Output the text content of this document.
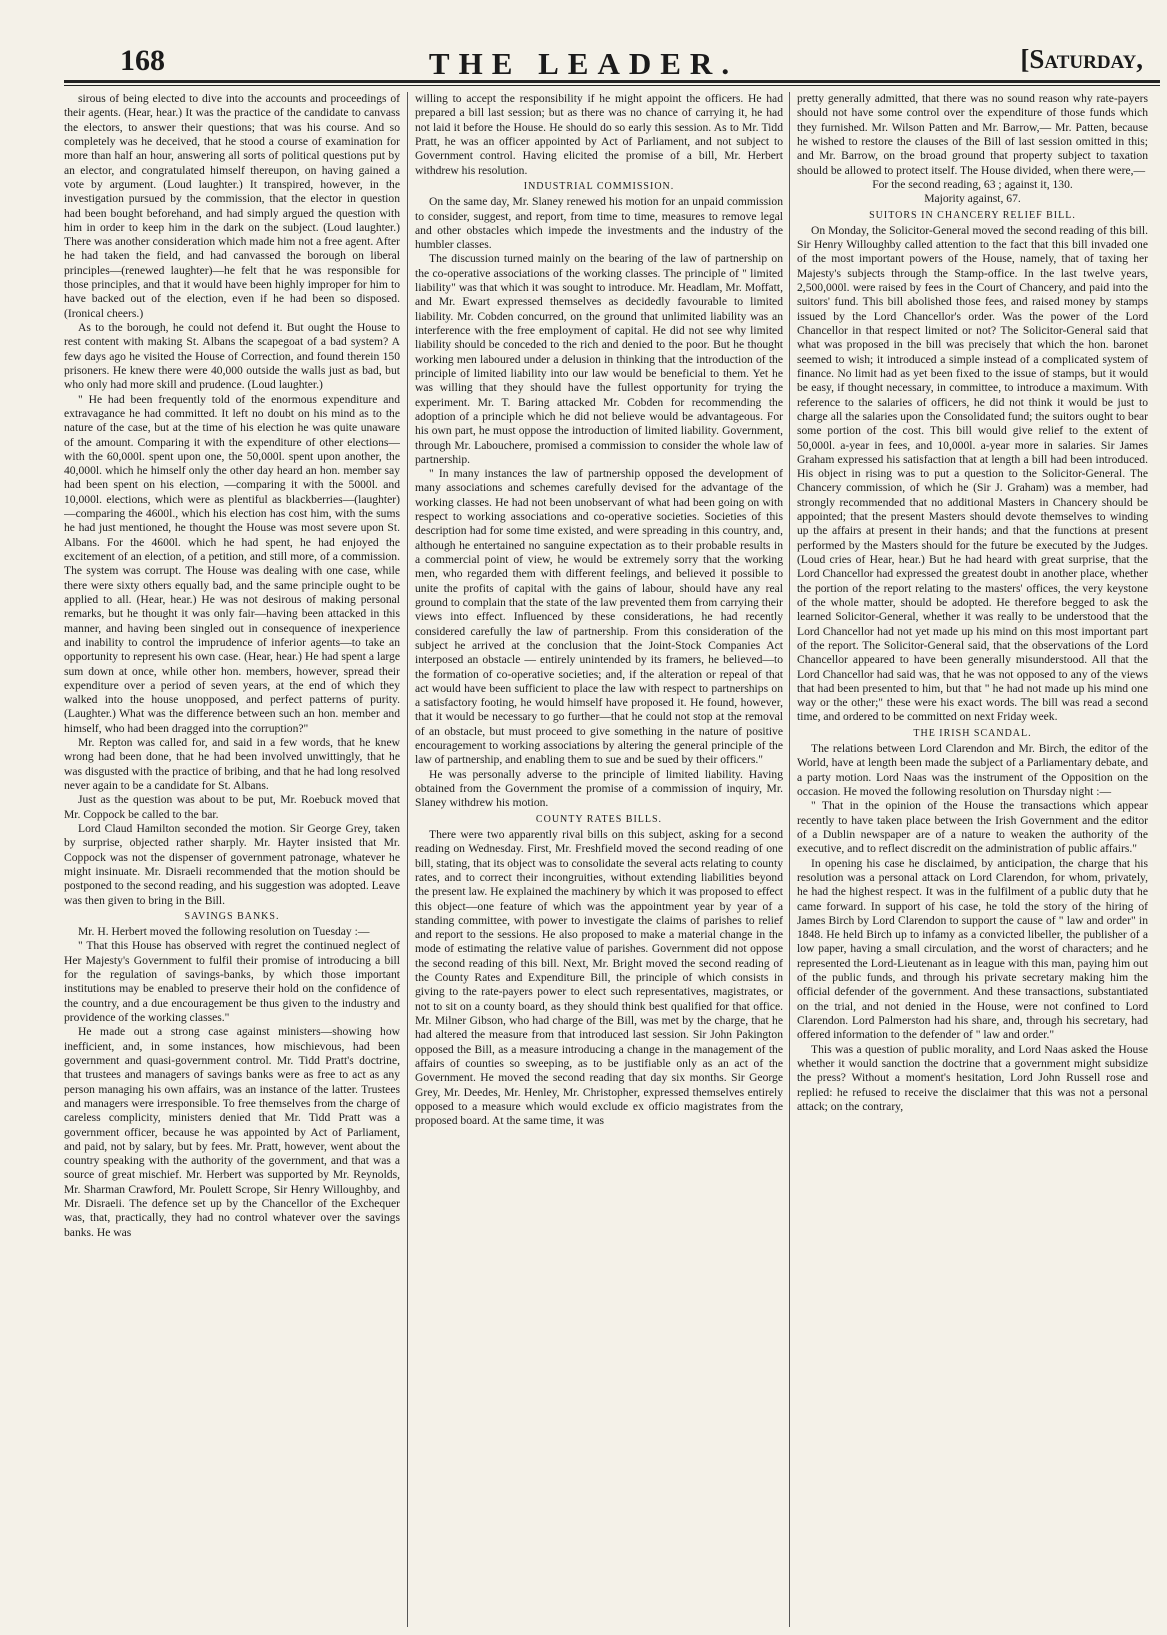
168	THE LEADER.	[Saturday,

sirous of being elected to dive into the accounts and proceedings of their agents. (Hear, hear.) It was the practice of the candidate to canvass the electors, to answer their questions; that was his course. And so completely was he deceived, that he stood a course of examination for more than half an hour, answering all sorts of political questions put by an elector, and congratulated himself thereupon, on having gained a vote by argument. (Loud laughter.) It transpired, however, in the investigation pursued by the commission, that the elector in question had been bought beforehand, and had simply argued the question with him in order to keep him in the dark on the subject. (Loud laughter.) There was another consideration which made him not a free agent. After he had taken the field, and had canvassed the borough on liberal principles—(renewed laughter)—he felt that he was responsible for those principles, and that it would have been highly improper for him to have backed out of the election, even if he had been so disposed. (Ironical cheers.)

As to the borough, he could not defend it. But ought the House to rest content with making St. Albans the scapegoat of a bad system? A few days ago he visited the House of Correction, and found therein 150 prisoners. He knew there were 40,000 outside the walls just as bad, but who only had more skill and prudence. (Loud laughter.)

" He had been frequently told of the enormous expenditure and extravagance he had committed. It left no doubt on his mind as to the nature of the case, but at the time of his election he was quite unaware of the amount. Comparing it with the expenditure of other elections—with the 60,000l. spent upon one, the 50,000l. spent upon another, the 40,000l. which he himself only the other day heard an hon. member say had been spent on his election, —comparing it with the 5000l. and 10,000l. elections, which were as plentiful as blackberries—(laughter)—comparing the 4600l., which his election has cost him, with the sums he had just mentioned, he thought the House was most severe upon St. Albans. For the 4600l. which he had spent, he had enjoyed the excitement of an election, of a petition, and still more, of a commission. The system was corrupt. The House was dealing with one case, while there were sixty others equally bad, and the same principle ought to be applied to all. (Hear, hear.) He was not desirous of making personal remarks, but he thought it was only fair—having been attacked in this manner, and having been singled out in consequence of inexperience and inability to control the imprudence of inferior agents—to take an opportunity to represent his own case. (Hear, hear.) He had spent a large sum down at once, while other hon. members, however, spread their expenditure over a period of seven years, at the end of which they walked into the house unopposed, and perfect patterns of purity. (Laughter.) What was the difference between such an hon. member and himself, who had been dragged into the corruption?"

Mr. Repton was called for, and said in a few words, that he knew wrong had been done, that he had been involved unwittingly, that he was disgusted with the practice of bribing, and that he had long resolved never again to be a candidate for St. Albans.

Just as the question was about to be put, Mr. Roebuck moved that Mr. Coppock be called to the bar.

Lord Claud Hamilton seconded the motion. Sir George Grey, taken by surprise, objected rather sharply. Mr. Hayter insisted that Mr. Coppock was not the dispenser of government patronage, whatever he might insinuate. Mr. Disraeli recommended that the motion should be postponed to the second reading, and his suggestion was adopted. Leave was then given to bring in the Bill.

SAVINGS BANKS.

Mr. H. Herbert moved the following resolution on Tuesday :—

" That this House has observed with regret the continued neglect of Her Majesty's Government to fulfil their promise of introducing a bill for the regulation of savings-banks, by which those important institutions may be enabled to preserve their hold on the confidence of the country, and a due encouragement be thus given to the industry and providence of the working classes."

He made out a strong case against ministers—showing how inefficient, and, in some instances, how mischievous, had been government and quasi-government control. Mr. Tidd Pratt's doctrine, that trustees and managers of savings banks were as free to act as any person managing his own affairs, was an instance of the latter. Trustees and managers were irresponsible. To free themselves from the charge of careless complicity, ministers denied that Mr. Tidd Pratt was a government officer, because he was appointed by Act of Parliament, and paid, not by salary, but by fees. Mr. Pratt, however, went about the country speaking with the authority of the government, and that was a source of great mischief. Mr. Herbert was supported by Mr. Reynolds, Mr. Sharman Crawford, Mr. Poulett Scrope, Sir Henry Willoughby, and Mr. Disraeli. The defence set up by the Chancellor of the Exchequer was, that, practically, they had no control whatever over the savings banks. He was

willing to accept the responsibility if he might appoint the officers. He had prepared a bill last session; but as there was no chance of carrying it, he had not laid it before the House. He should do so early this session. As to Mr. Tidd Pratt, he was an officer appointed by Act of Parliament, and not subject to Government control. Having elicited the promise of a bill, Mr. Herbert withdrew his resolution.

INDUSTRIAL COMMISSION.

On the same day, Mr. Slaney renewed his motion for an unpaid commission to consider, suggest, and report, from time to time, measures to remove legal and other obstacles which impede the investments and the industry of the humbler classes.

The discussion turned mainly on the bearing of the law of partnership on the co-operative associations of the working classes. The principle of " limited liability" was that which it was sought to introduce. Mr. Headlam, Mr. Moffatt, and Mr. Ewart expressed themselves as decidedly favourable to limited liability. Mr. Cobden concurred, on the ground that unlimited liability was an interference with the free employment of capital. He did not see why limited liability should be conceded to the rich and denied to the poor. But he thought working men laboured under a delusion in thinking that the introduction of the principle of limited liability into our law would be beneficial to them. Yet he was willing that they should have the fullest opportunity for trying the experiment. Mr. T. Baring attacked Mr. Cobden for recommending the adoption of a principle which he did not believe would be advantageous. For his own part, he must oppose the introduction of limited liability. Government, through Mr. Labouchere, promised a commission to consider the whole law of partnership.

" In many instances the law of partnership opposed the development of many associations and schemes carefully devised for the advantage of the working classes. He had not been unobservant of what had been going on with respect to working associations and co-operative societies. Societies of this description had for some time existed, and were spreading in this country, and, although he entertained no sanguine expectation as to their probable results in a commercial point of view, he would be extremely sorry that the working men, who regarded them with different feelings, and believed it possible to unite the profits of capital with the gains of labour, should have any real ground to complain that the state of the law prevented them from carrying their views into effect. Influenced by these considerations, he had recently considered carefully the law of partnership. From this consideration of the subject he arrived at the conclusion that the Joint-Stock Companies Act interposed an obstacle — entirely unintended by its framers, he believed—to the formation of co-operative societies; and, if the alteration or repeal of that act would have been sufficient to place the law with respect to partnerships on a satisfactory footing, he would himself have proposed it. He found, however, that it would be necessary to go further—that he could not stop at the removal of an obstacle, but must proceed to give something in the nature of positive encouragement to working associations by altering the general principle of the law of partnership, and enabling them to sue and be sued by their officers."

He was personally adverse to the principle of limited liability. Having obtained from the Government the promise of a commission of inquiry, Mr. Slaney withdrew his motion.

COUNTY RATES BILLS.

There were two apparently rival bills on this subject, asking for a second reading on Wednesday. First, Mr. Freshfield moved the second reading of one bill, stating, that its object was to consolidate the several acts relating to county rates, and to correct their incongruities, without extending liabilities beyond the present law. He explained the machinery by which it was proposed to effect this object—one feature of which was the appointment year by year of a standing committee, with power to investigate the claims of parishes to relief and report to the sessions. He also proposed to make a material change in the mode of estimating the relative value of parishes. Government did not oppose the second reading of this bill. Next, Mr. Bright moved the second reading of the County Rates and Expenditure Bill, the principle of which consists in giving to the rate-payers power to elect such representatives, magistrates, or not to sit on a county board, as they should think best qualified for that office. Mr. Milner Gibson, who had charge of the Bill, was met by the charge, that he had altered the measure from that introduced last session. Sir John Pakington opposed the Bill, as a measure introducing a change in the management of the affairs of counties so sweeping, as to be justifiable only as an act of the Government. He moved the second reading that day six months. Sir George Grey, Mr. Deedes, Mr. Henley, Mr. Christopher, expressed themselves entirely opposed to a measure which would exclude ex officio magistrates from the proposed board. At the same time, it was

pretty generally admitted, that there was no sound reason why rate-payers should not have some control over the expenditure of those funds which they furnished. Mr. Wilson Patten and Mr. Barrow,— Mr. Patten, because he wished to restore the clauses of the Bill of last session omitted in this; and Mr. Barrow, on the broad ground that property subject to taxation should be allowed to protect itself. The House divided, when there were,—

For the second reading, 63 ; against it, 130.

Majority against, 67.

SUITORS IN CHANCERY RELIEF BILL.

On Monday, the Solicitor-General moved the second reading of this bill. Sir Henry Willoughby called attention to the fact that this bill invaded one of the most important powers of the House, namely, that of taxing her Majesty's subjects through the Stamp-office. In the last twelve years, 2,500,000l. were raised by fees in the Court of Chancery, and paid into the suitors' fund. This bill abolished those fees, and raised money by stamps issued by the Lord Chancellor's order. Was the power of the Lord Chancellor in that respect limited or not? The Solicitor-General said that what was proposed in the bill was precisely that which the hon. baronet seemed to wish; it introduced a simple instead of a complicated system of finance. No limit had as yet been fixed to the issue of stamps, but it would be easy, if thought necessary, in committee, to introduce a maximum. With reference to the salaries of officers, he did not think it would be just to charge all the salaries upon the Consolidated fund; the suitors ought to bear some portion of the cost. This bill would give relief to the extent of 50,000l. a-year in fees, and 10,000l. a-year more in salaries. Sir James Graham expressed his satisfaction that at length a bill had been introduced. His object in rising was to put a question to the Solicitor-General. The Chancery commission, of which he (Sir J. Graham) was a member, had strongly recommended that no additional Masters in Chancery should be appointed; that the present Masters should devote themselves to winding up the affairs at present in their hands; and that the functions at present performed by the Masters should for the future be executed by the Judges. (Loud cries of Hear, hear.) But he had heard with great surprise, that the Lord Chancellor had expressed the greatest doubt in another place, whether the portion of the report relating to the masters' offices, the very keystone of the whole matter, should be adopted. He therefore begged to ask the learned Solicitor-General, whether it was really to be understood that the Lord Chancellor had not yet made up his mind on this most important part of the report. The Solicitor-General said, that the observations of the Lord Chancellor appeared to have been generally misunderstood. All that the Lord Chancellor had said was, that he was not opposed to any of the views that had been presented to him, but that " he had not made up his mind one way or the other;" these were his exact words. The bill was read a second time, and ordered to be committed on next Friday week.

THE IRISH SCANDAL.

The relations between Lord Clarendon and Mr. Birch, the editor of the World, have at length been made the subject of a Parliamentary debate, and a party motion. Lord Naas was the instrument of the Opposition on the occasion. He moved the following resolution on Thursday night :—

" That in the opinion of the House the transactions which appear recently to have taken place between the Irish Government and the editor of a Dublin newspaper are of a nature to weaken the authority of the executive, and to reflect discredit on the administration of public affairs."

In opening his case he disclaimed, by anticipation, the charge that his resolution was a personal attack on Lord Clarendon, for whom, privately, he had the highest respect. It was in the fulfilment of a public duty that he came forward. In support of his case, he told the story of the hiring of James Birch by Lord Clarendon to support the cause of " law and order" in 1848. He held Birch up to infamy as a convicted libeller, the publisher of a low paper, having a small circulation, and the worst of characters; and he represented the Lord-Lieutenant as in league with this man, paying him out of the public funds, and through his private secretary making him the official defender of the government. And these transactions, substantiated on the trial, and not denied in the House, were not confined to Lord Clarendon. Lord Palmerston had his share, and, through his secretary, had offered information to the defender of " law and order."

This was a question of public morality, and Lord Naas asked the House whether it would sanction the doctrine that a government might subsidize the press? Without a moment's hesitation, Lord John Russell rose and replied: he refused to receive the disclaimer that this was not a personal attack; on the contrary,
